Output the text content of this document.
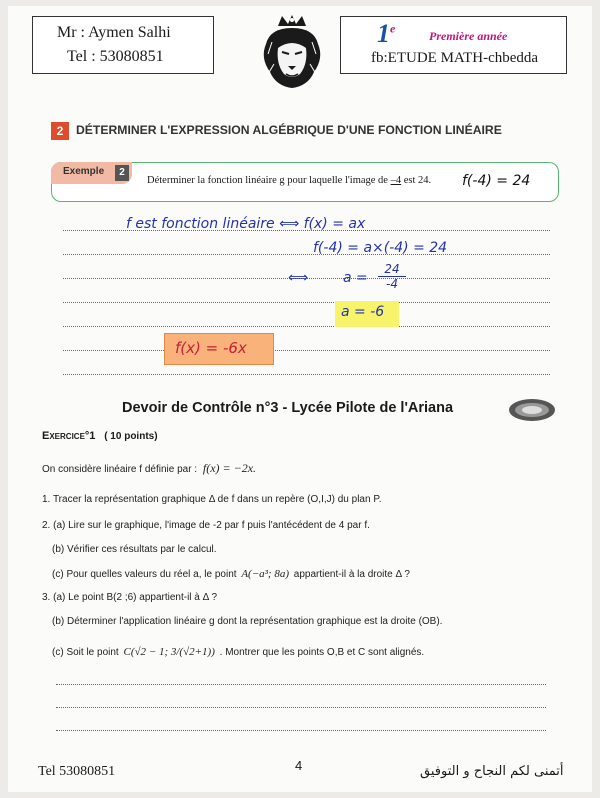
Mr : Aymen Salhi
Tel : 53080851
1e
Première année
fb:ETUDE MATH-chbedda
2	DÉTERMINER L'EXPRESSION ALGÉBRIQUE D'UNE FONCTION LINÉAIRE
Exemple	2
Déterminer la fonction linéaire g pour laquelle l'image de –4 est 24. f(-4) = 24
f est fonction linéaire ⟺ f(x) = ax
f(-4) = a×(-4) = 24
⟺ $a = \frac{24}{-4}$
a = -6
f(x) = -6x
Devoir de Contrôle n°3 - Lycée Pilote de l'Ariana
Exercice°1 ( 10 points)
On considère linéaire f définie par : f(x) = −2x.
1. Tracer la représentation graphique Δ de f dans un repère (O,I,J) du plan P.
2. (a) Lire sur le graphique, l'image de -2 par f puis l'antécédent de 4 par f.
(b) Vérifier ces résultats par le calcul.
(c) Pour quelles valeurs du réel a, le point A(−a³; 8a) appartient-il à la droite Δ ?
3. (a) Le point B(2 ;6) appartient-il à Δ ?
(b) Déterminer l'application linéaire g dont la représentation graphique est la droite (OB).
(c) Soit le point C(√2 − 1; 3/(√2+1)) . Montrer que les points O,B et C sont alignés.
Tel 53080851	4	أتمنى لكم النجاح و التوفيق
